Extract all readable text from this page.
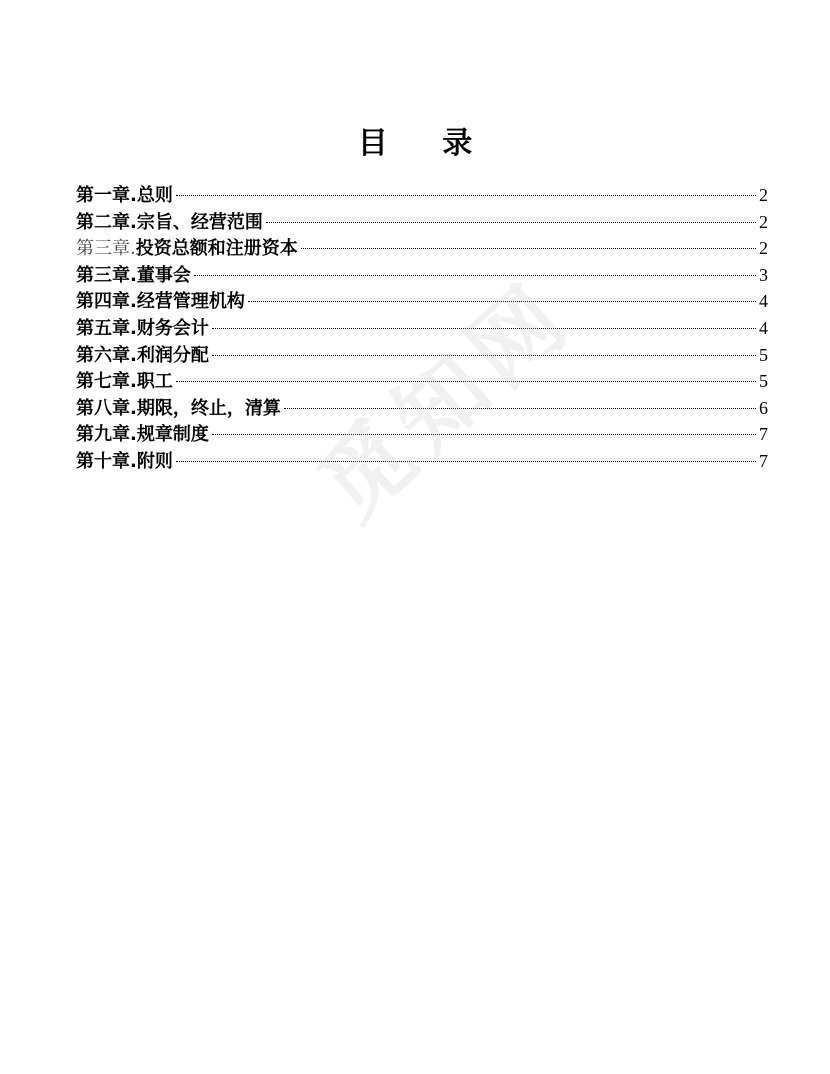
目 录
第一章.总则	2
第二章.宗旨、经营范围	2
第三章.投资总额和注册资本	2
第三章.董事会	3
第四章.经营管理机构	4
第五章.财务会计	4
第六章.利润分配	5
第七章.职工	5
第八章.期限，终止，清算	6
第九章.规章制度	7
第十章.附则	7
觅知网
